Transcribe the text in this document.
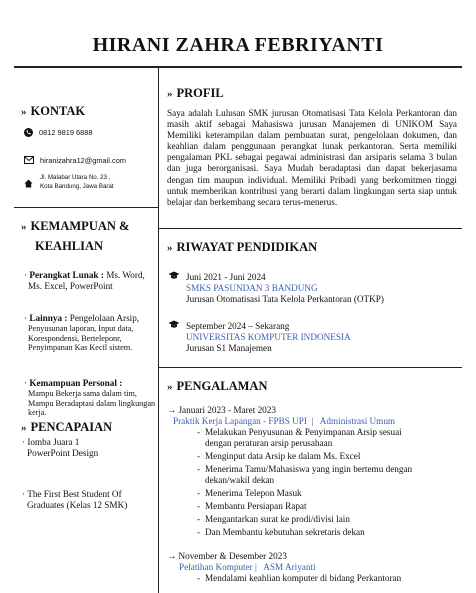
HIRANI ZAHRA FEBRIYANTI
» KONTAK
0812 9819 6888
hiranizahra12@gmail.com
Jl. Malabar Utara No. 23 ,
Kota Bandung, Jawa Barat
» KEMAMPUAN &
KEAHLIAN
· Perangkat Lunak : Ms. Word,
Ms. Excel, PowerPoint
· Lainnya : Pengelolaan Arsip,
Penyusunan laporan, Input data, Korespondensi, Berteleponr, Penyimpanan Kas Kecil sistem.
· Kemampuan Personal :
Mampu Bekerja sama dalam tim, Mampu Beradaptasi dalam lingkungan kerja.
» PENCAPAIAN
· Iomba Juara 1
PowerPoint Design
· The First Best Student Of
Graduates (Kelas 12 SMK)
» PROFIL
Saya adalah Lulusan SMK jurusan Otomatisasi Tata Kelola Perkantoran dan masih aktif sebagai Mahasiswa jurusan Manajemen di UNIKOM Saya Memiliki keterampilan dalam pembuatan surat, pengelolaan dokumen, dan keahlian dalam penggunaan perangkat lunak perkantoran. Serta memiliki pengalaman PKL sebagai pegawai administrasi dan arsiparis selama 3 bulan dan juga berorganisasi. Saya Mudah beradaptasi dan dapat bekerjasama dengan tim maupun individual. Memiliki Pribadi yang berkomitmen tinggi untuk memberikan kontribusi yang berarti dalam lingkungan serta siap untuk belajar dan berkembang secara terus-menerus.
» RIWAYAT PENDIDIKAN
Juni 2021 - Juni 2024
SMKS PASUNDAN 3 BANDUNG
Jurusan Otomatisasi Tata Kelola Perkantoran (OTKP)
September 2024 – Sekarang
UNIVERSITAS KOMPUTER INDONESIA
Jurusan S1 Manajemen
» PENGALAMAN
→ Januari 2023 - Maret 2023
Praktik Kerja Lapangan - FPBS UPI  |   Administrasi Umum
- Melakukan Penyusunan & Penyimpanan Arsip sesuai dengan peraturan arsip perusahaan
- Menginput data Arsip ke dalam Ms. Excel
- Menerima Tamu/Mahasiswa yang ingin bertemu dengan dekan/wakil dekan
- Menerima Telepon Masuk
- Membantu Persiapan Rapat
- Mengantarkan surat ke prodi/divisi lain
- Dan Membantu kebutuhan sekretaris dekan
→ November & Desember 2023
Pelatihan Komputer |   ASM Ariyanti
- Mendalami keahlian komputer di bidang Perkantoran
